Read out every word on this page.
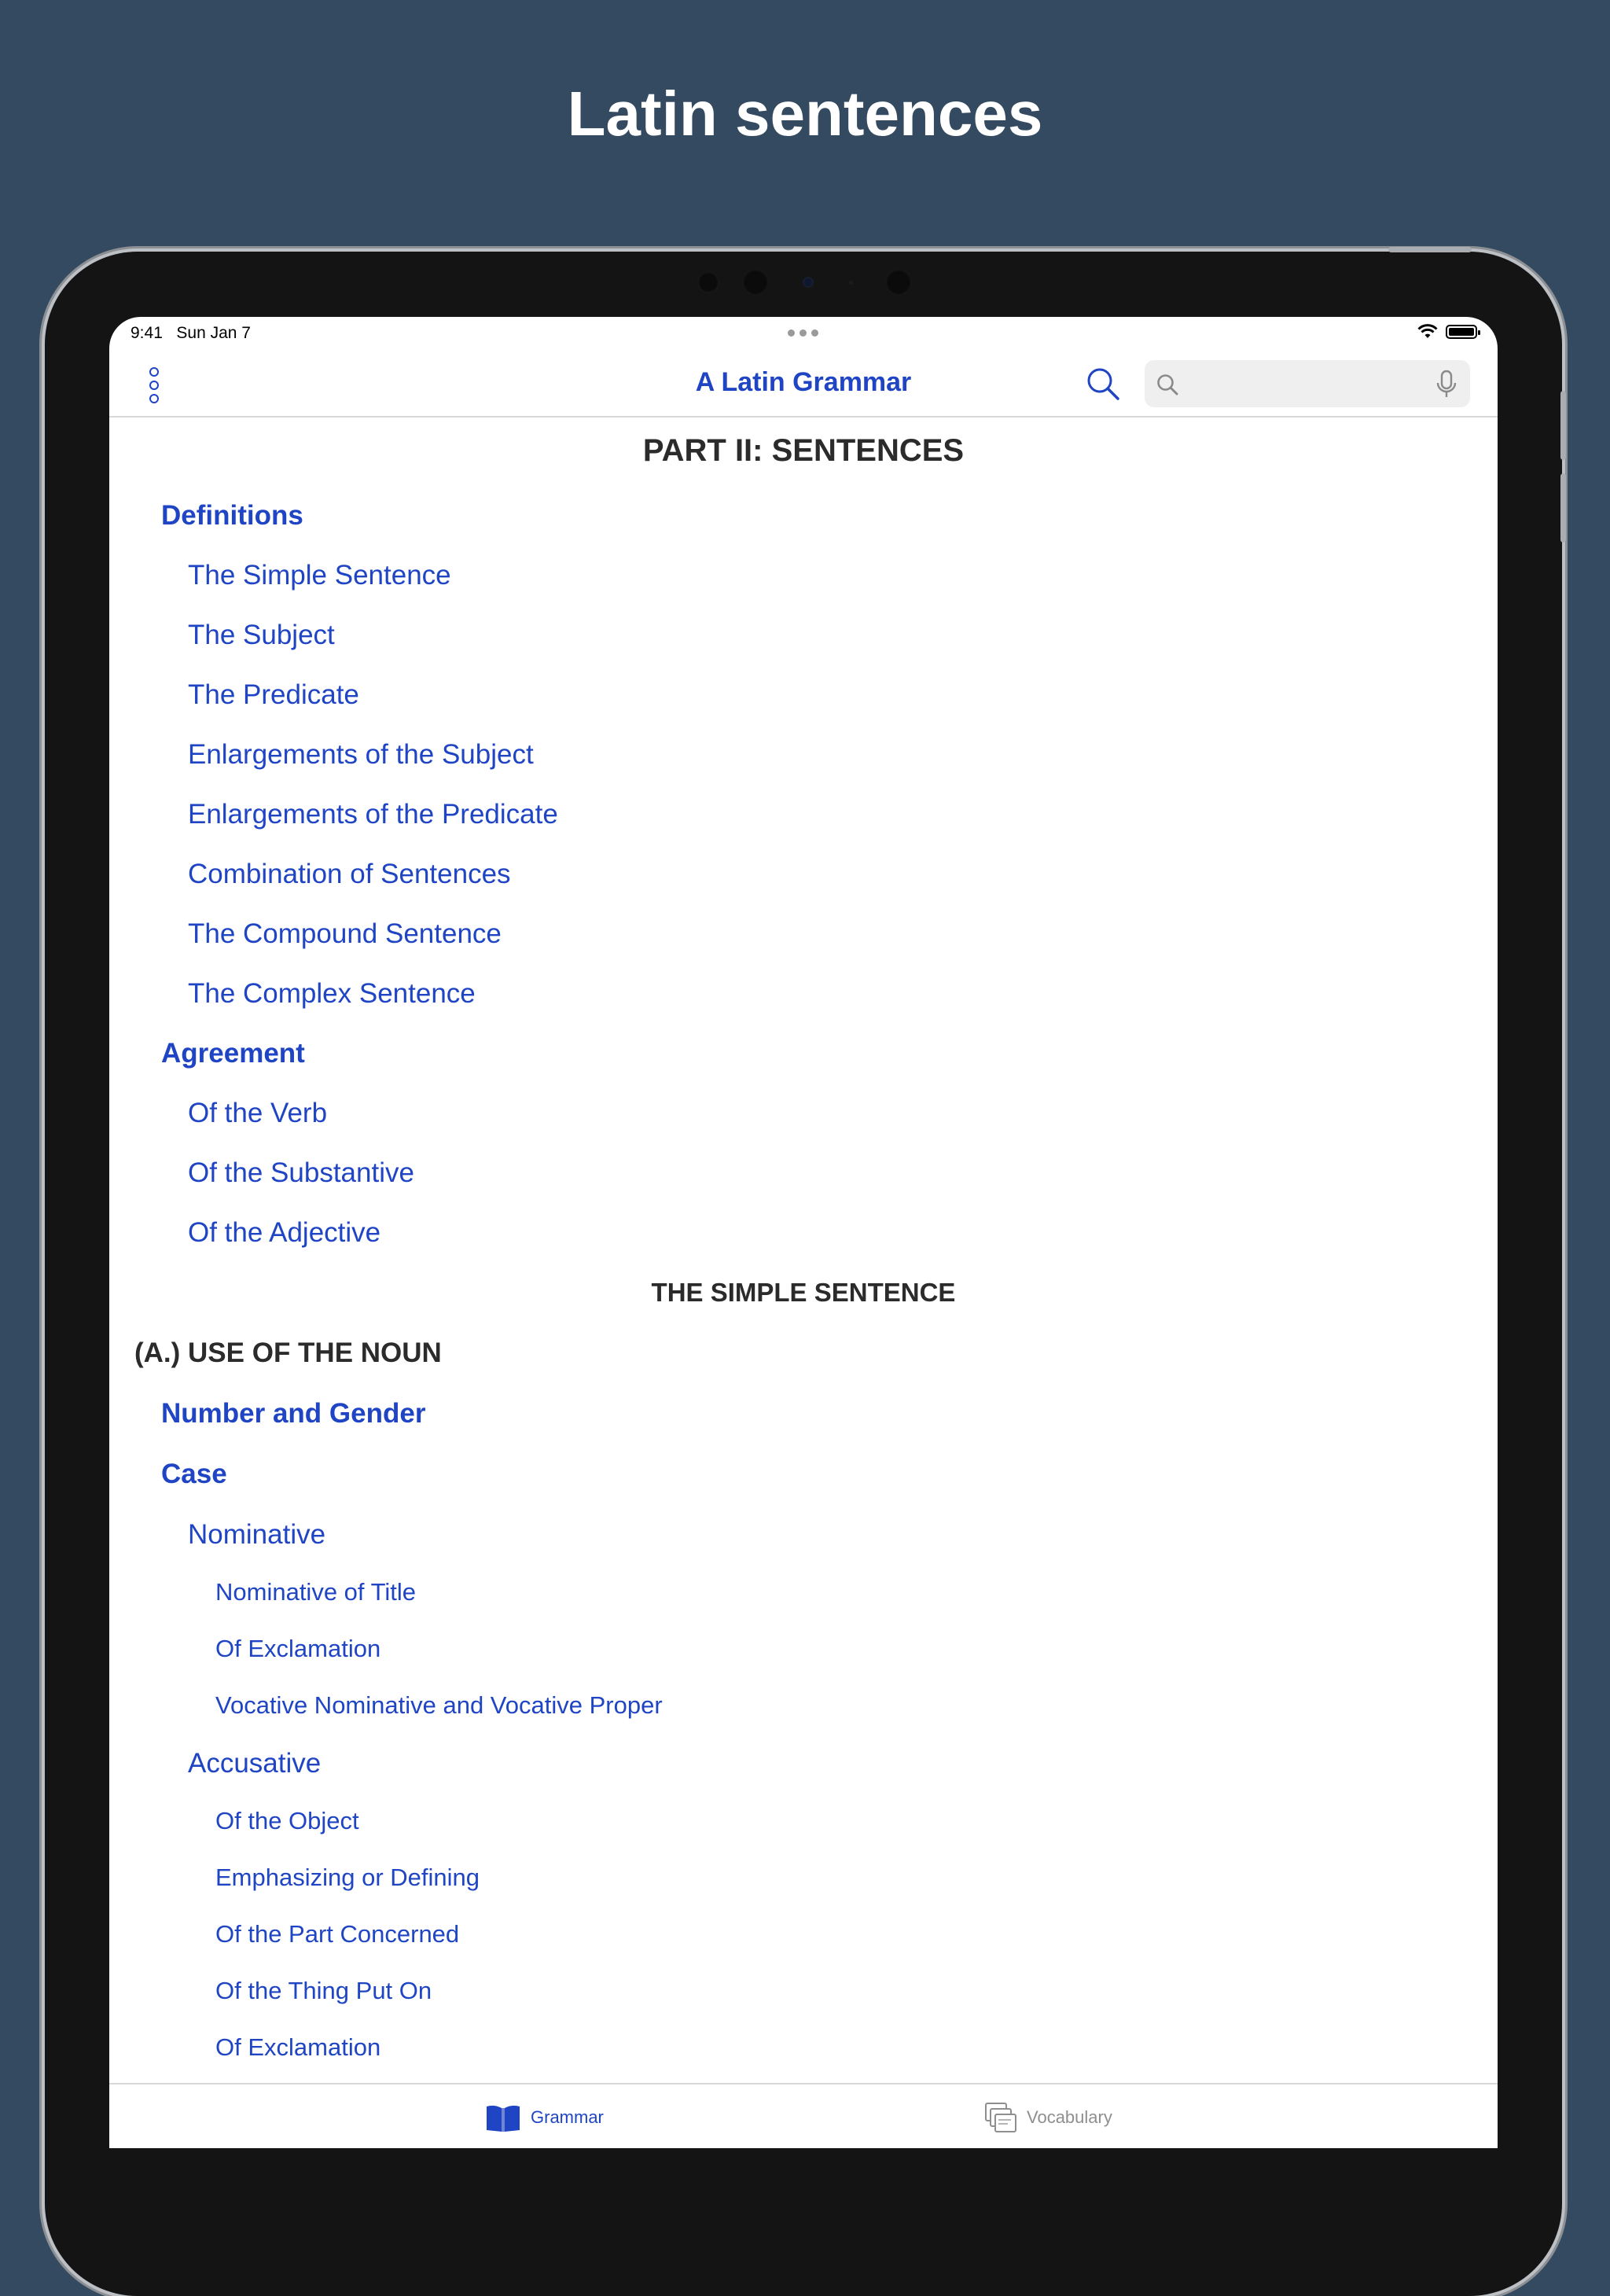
Latin sentences
9:41 Sun Jan 7
A Latin Grammar
PART II: SENTENCES
Definitions
The Simple Sentence
The Subject
The Predicate
Enlargements of the Subject
Enlargements of the Predicate
Combination of Sentences
The Compound Sentence
The Complex Sentence
Agreement
Of the Verb
Of the Substantive
Of the Adjective
THE SIMPLE SENTENCE
(A.) USE OF THE NOUN
Number and Gender
Case
Nominative
Nominative of Title
Of Exclamation
Vocative Nominative and Vocative Proper
Accusative
Of the Object
Emphasizing or Defining
Of the Part Concerned
Of the Thing Put On
Of Exclamation
Grammar	Vocabulary
